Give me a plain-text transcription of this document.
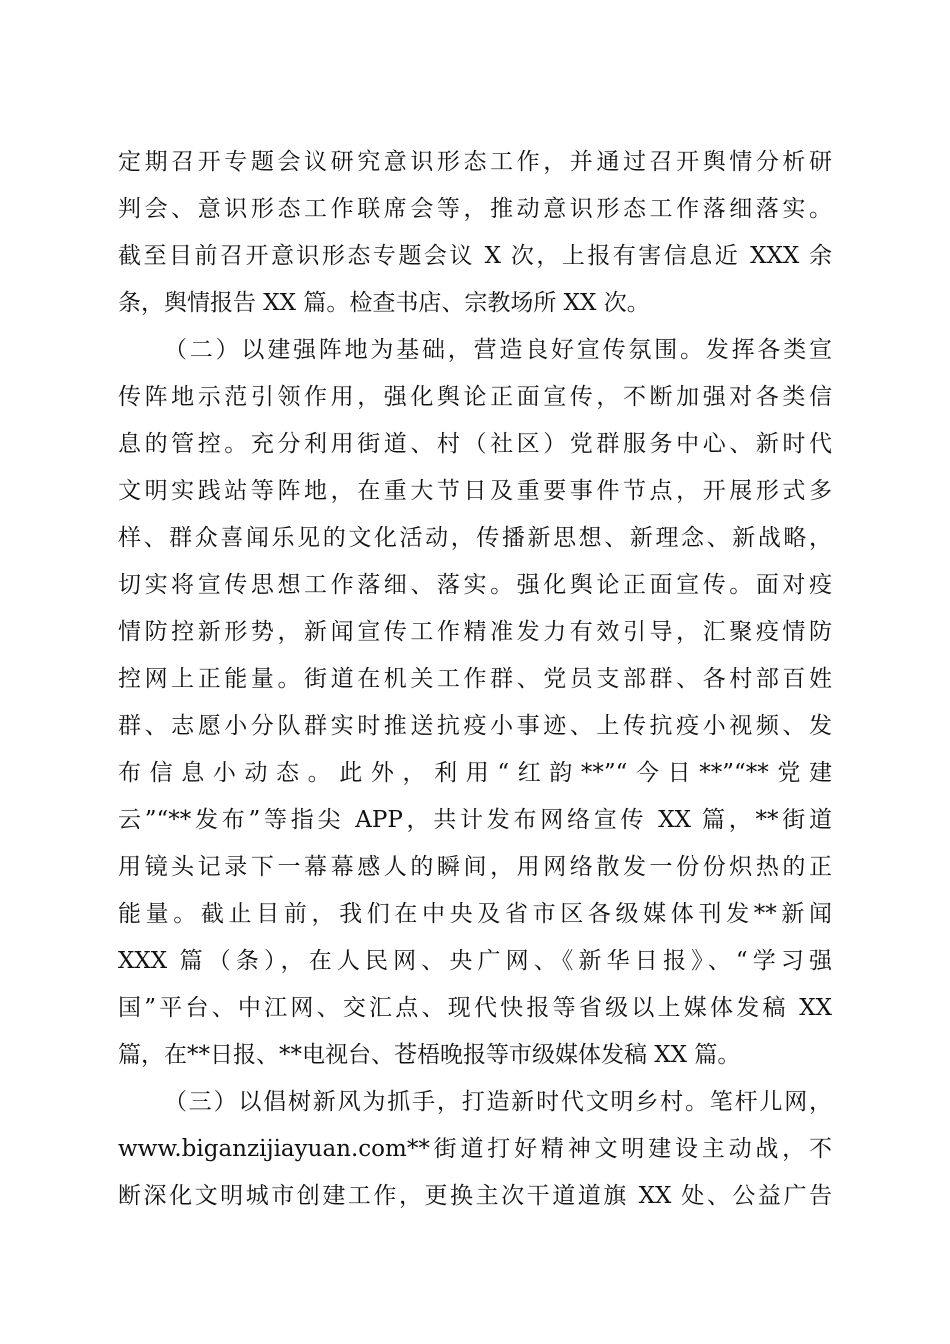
定期召开专题会议研究意识形态工作，并通过召开舆情分析研
判会、意识形态工作联席会等，推动意识形态工作落细落实。
截至目前召开意识形态专题会议 X 次，上报有害信息近 XXX 余
条，舆情报告 XX 篇。检查书店、宗教场所 XX 次。
（二）以建强阵地为基础，营造良好宣传氛围。发挥各类宣
传阵地示范引领作用，强化舆论正面宣传，不断加强对各类信
息的管控。充分利用街道、村（社区）党群服务中心、新时代
文明实践站等阵地，在重大节日及重要事件节点，开展形式多
样、群众喜闻乐见的文化活动，传播新思想、新理念、新战略，
切实将宣传思想工作落细、落实。强化舆论正面宣传。面对疫
情防控新形势，新闻宣传工作精准发力有效引导，汇聚疫情防
控网上正能量。街道在机关工作群、党员支部群、各村部百姓
群、志愿小分队群实时推送抗疫小事迹、上传抗疫小视频、发
布信息小动态。此外，利用“红韵**”“今日**”“**党建
云”“**发布”等指尖 APP，共计发布网络宣传 XX 篇，**街道
用镜头记录下一幕幕感人的瞬间，用网络散发一份份炽热的正
能量。截止目前，我们在中央及省市区各级媒体刊发**新闻
XXX 篇（条），在人民网、央广网、《新华日报》、“学习强
国”平台、中江网、交汇点、现代快报等省级以上媒体发稿 XX
篇，在**日报、**电视台、苍梧晚报等市级媒体发稿 XX 篇。
（三）以倡树新风为抓手，打造新时代文明乡村。笔杆儿网，
www.biganzijiayuan.com**街道打好精神文明建设主动战，不
断深化文明城市创建工作，更换主次干道道旗 XX 处、公益广告
